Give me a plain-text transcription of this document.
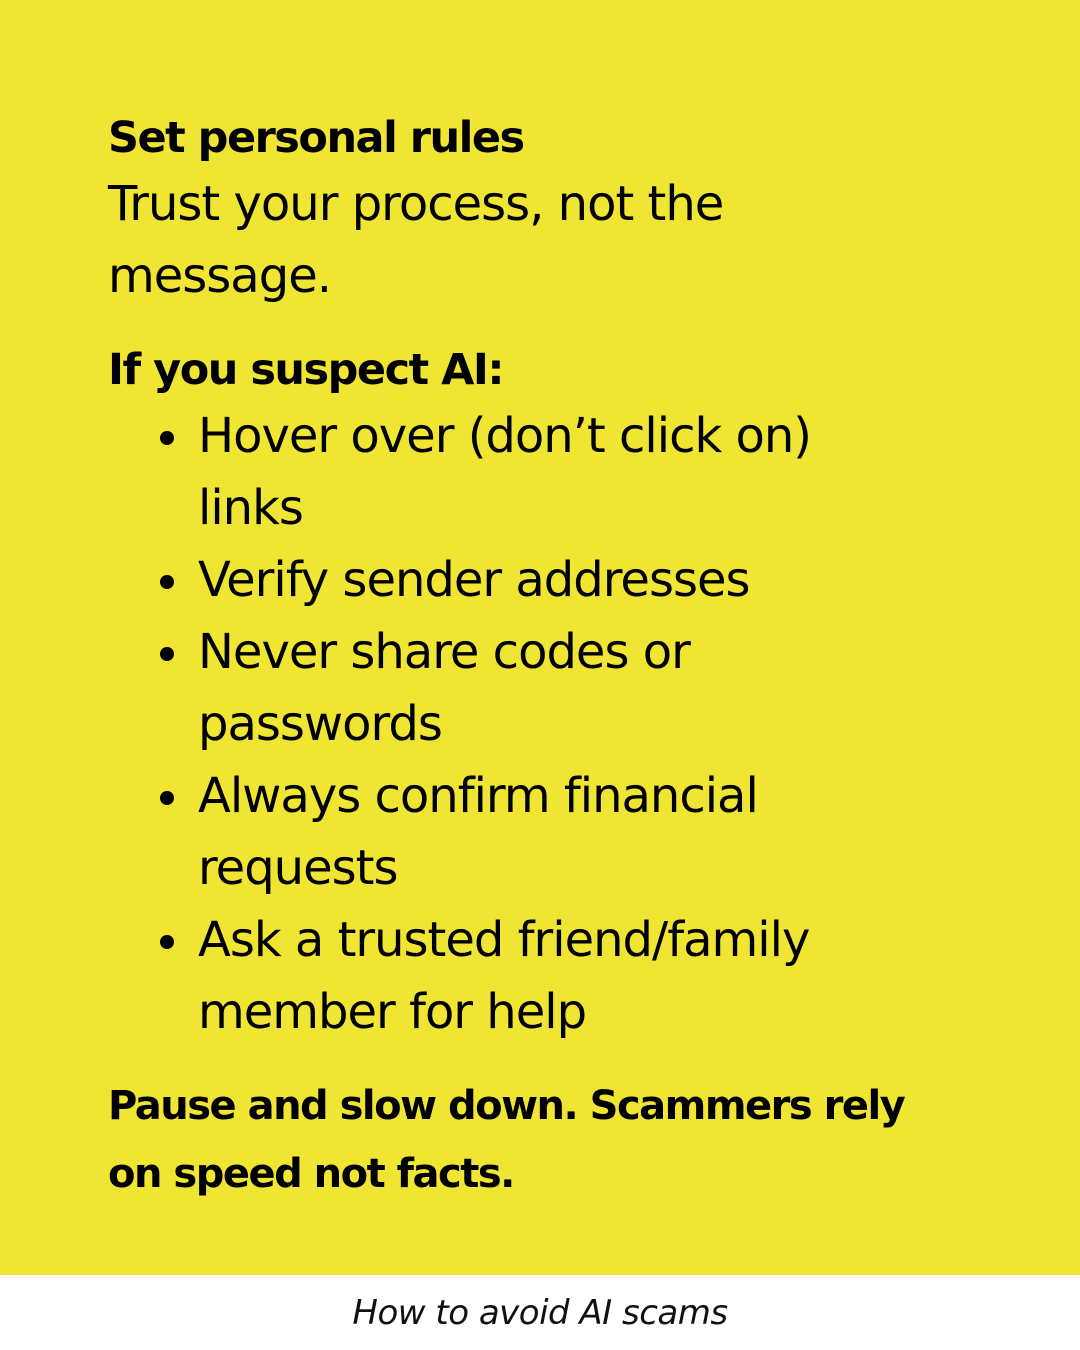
Set personal rules

Trust your process, not the message.

If you suspect AI:
Hover over (don’t click on) links
Verify sender addresses
Never share codes or passwords
Always confirm financial requests
Ask a trusted friend/family member for help

Pause and slow down. Scammers rely on speed not facts.

How to avoid AI scams
